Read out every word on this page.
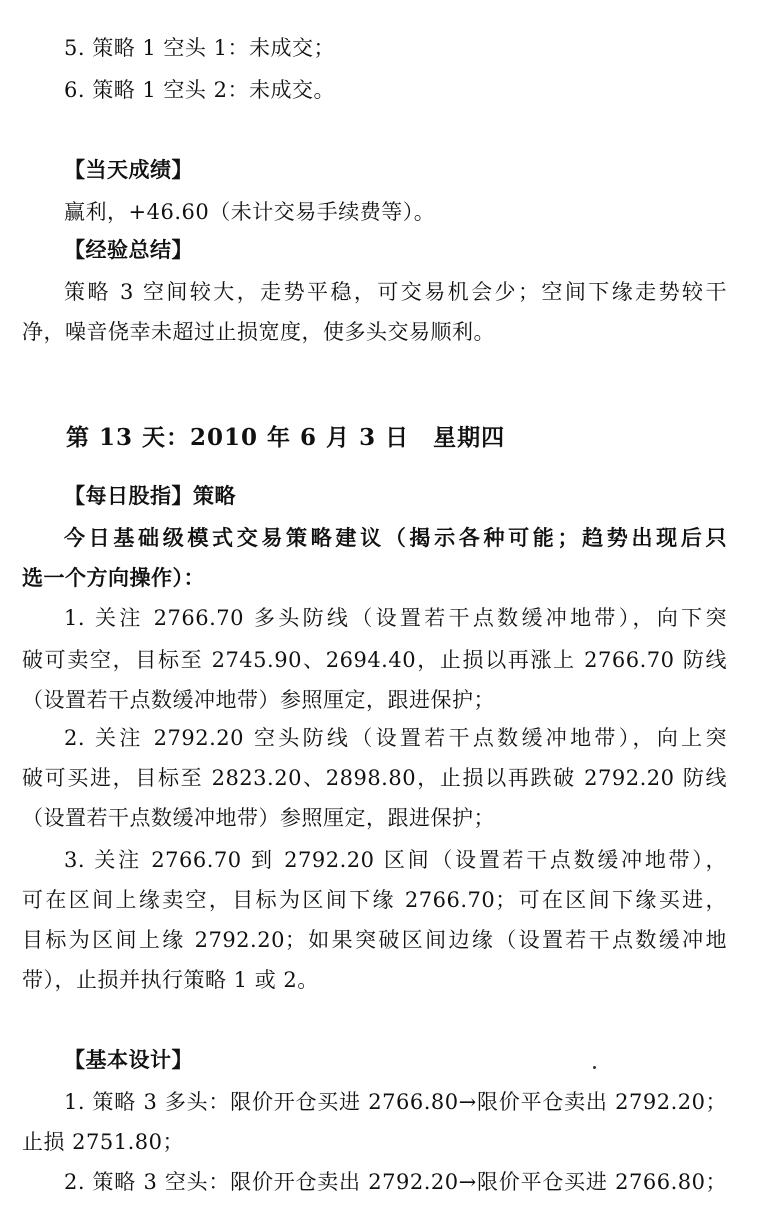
5. 策略 1 空头 1：未成交；
6. 策略 1 空头 2：未成交。
【当天成绩】
赢利，+46.60（未计交易手续费等）。
【经验总结】
策略 3 空间较大，走势平稳，可交易机会少；空间下缘走势较干
净，噪音侥幸未超过止损宽度，使多头交易顺利。
第 13 天：2010 年 6 月 3 日　星期四
【每日股指】策略
今日基础级模式交易策略建议（揭示各种可能；趋势出现后只
选一个方向操作）：
1. 关注 2766.70 多头防线（设置若干点数缓冲地带），向下突
破可卖空，目标至 2745.90、2694.40，止损以再涨上 2766.70 防线
（设置若干点数缓冲地带）参照厘定，跟进保护；
2. 关注 2792.20 空头防线（设置若干点数缓冲地带），向上突
破可买进，目标至 2823.20、2898.80，止损以再跌破 2792.20 防线
（设置若干点数缓冲地带）参照厘定，跟进保护；
3. 关注 2766.70 到 2792.20 区间（设置若干点数缓冲地带），
可在区间上缘卖空，目标为区间下缘 2766.70；可在区间下缘买进，
目标为区间上缘 2792.20；如果突破区间边缘（设置若干点数缓冲地
带），止损并执行策略 1 或 2。
【基本设计】
1. 策略 3 多头：限价开仓买进 2766.80→限价平仓卖出 2792.20；
止损 2751.80；
2. 策略 3 空头：限价开仓卖出 2792.20→限价平仓买进 2766.80；
